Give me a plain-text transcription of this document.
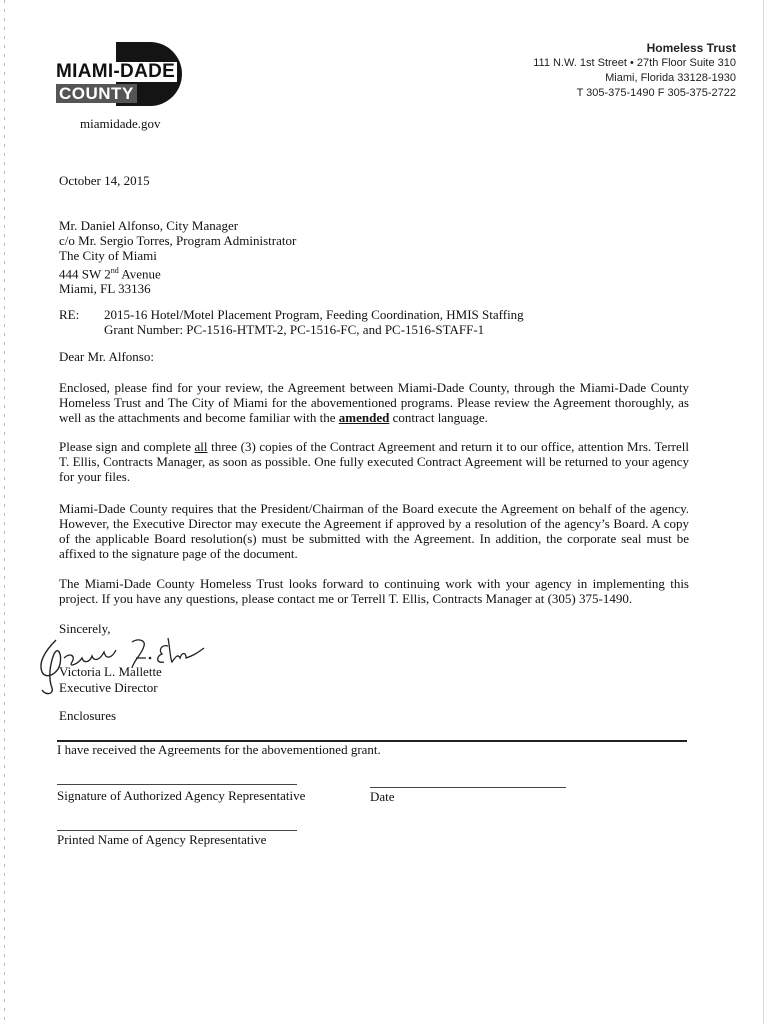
MIAMI-DADE
COUNTY
miamidade.gov
Homeless Trust
111 N.W. 1st Street • 27th Floor Suite 310
Miami, Florida 33128-1930
T 305-375-1490 F 305-375-2722
October 14, 2015
Mr. Daniel Alfonso, City Manager
c/o Mr. Sergio Torres, Program Administrator
The City of Miami
444 SW 2nd Avenue
Miami, FL 33136
RE: 2015-16 Hotel/Motel Placement Program, Feeding Coordination, HMIS Staffing
Grant Number: PC-1516-HTMT-2, PC-1516-FC, and PC-1516-STAFF-1
Dear Mr. Alfonso:
Enclosed, please find for your review, the Agreement between Miami-Dade County, through the Miami-Dade County Homeless Trust and The City of Miami for the abovementioned programs. Please review the Agreement thoroughly, as well as the attachments and become familiar with the amended contract language.
Please sign and complete all three (3) copies of the Contract Agreement and return it to our office, attention Mrs. Terrell T. Ellis, Contracts Manager, as soon as possible. One fully executed Contract Agreement will be returned to your agency for your files.
Miami-Dade County requires that the President/Chairman of the Board execute the Agreement on behalf of the agency. However, the Executive Director may execute the Agreement if approved by a resolution of the agency’s Board. A copy of the applicable Board resolution(s) must be submitted with the Agreement. In addition, the corporate seal must be affixed to the signature page of the document.
The Miami-Dade County Homeless Trust looks forward to continuing work with your agency in implementing this project. If you have any questions, please contact me or Terrell T. Ellis, Contracts Manager at (305) 375-1490.
Sincerely,
Victoria L. Mallette
Executive Director
Enclosures
I have received the Agreements for the abovementioned grant.
Signature of Authorized Agency Representative	Date
Printed Name of Agency Representative
